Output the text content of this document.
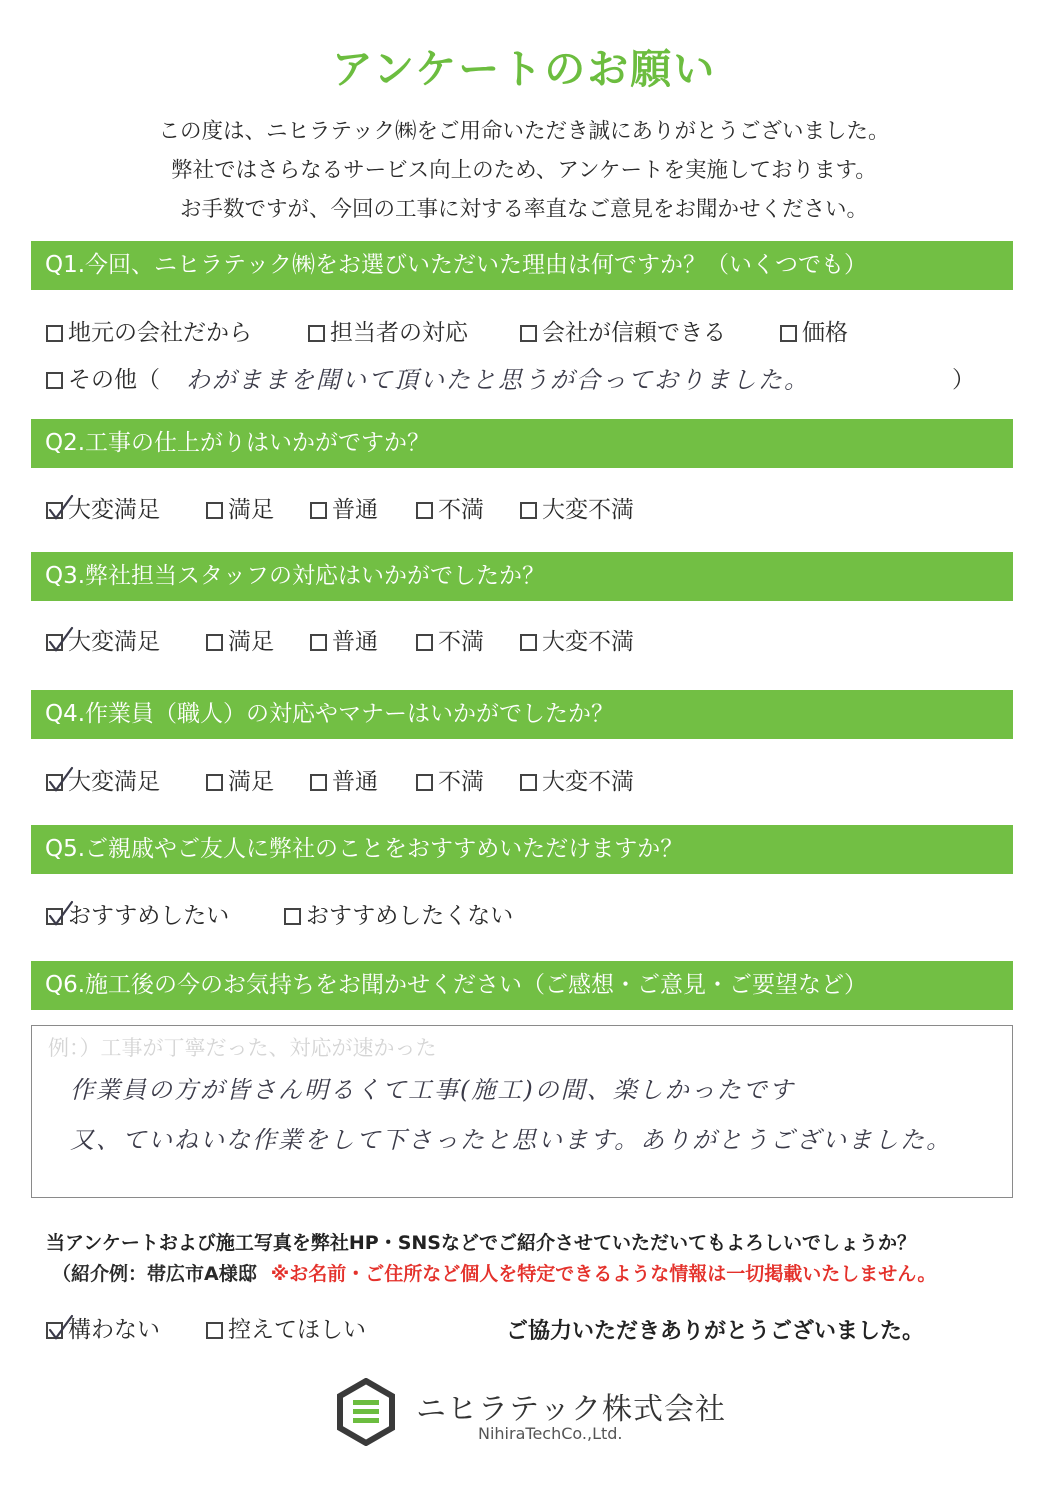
アンケートのお願い
この度は、ニヒラテック㈱をご用命いただき誠にありがとうございました。
弊社ではさらなるサービス向上のため、アンケートを実施しております。
お手数ですが、今回の工事に対する率直なご意見をお聞かせください。
Q1.今回、ニヒラテック㈱をお選びいただいた理由は何ですか？（いくつでも）
地元の会社だから	担当者の対応	会社が信頼できる	価格
その他（ わがままを聞いて頂いたと思うが合っておりました。	）
Q2.工事の仕上がりはいかがですか？
大変満足	満足	普通	不満	大変不満
Q3.弊社担当スタッフの対応はいかがでしたか？
大変満足	満足	普通	不満	大変不満
Q4.作業員（職人）の対応やマナーはいかがでしたか？
大変満足	満足	普通	不満	大変不満
Q5.ご親戚やご友人に弊社のことをおすすめいただけますか？
おすすめしたい	おすすめしたくない
Q6.施工後の今のお気持ちをお聞かせください（ご感想・ご意見・ご要望など）
例：）工事が丁寧だった、対応が速かった
作業員の方が皆さん明るくて工事(施工)の間、楽しかったです
又、ていねいな作業をして下さったと思います。ありがとうございました。
当アンケートおよび施工写真を弊社HP・SNSなどでご紹介させていただいてもよろしいでしょうか？
（紹介例：帯広市A様邸 ※お名前・ご住所など個人を特定できるような情報は一切掲載いたしません。
構わない	控えてほしい	ご協力いただきありがとうございました。
ニヒラテック株式会社
NihiraTechCo.,Ltd.
